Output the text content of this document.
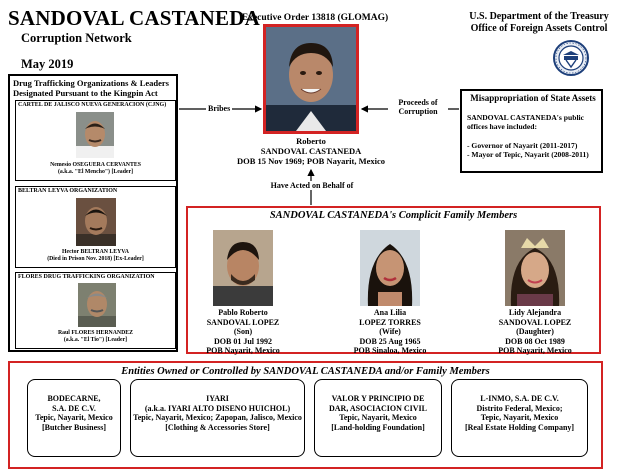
SANDOVAL CASTANEDA
Corruption Network
May 2019
Executive Order 13818 (GLOMAG)	U.S. Department of the Treasury
Office of Foreign Assets Control
Bribes
Proceeds of
Corruption
Have Acted on Behalf of
Roberto
SANDOVAL CASTANEDA
DOB 15 Nov 1969; POB Nayarit, Mexico
Drug Trafficking Organizations & Leaders
Designated Pursuant to the Kingpin Act
CARTEL DE JALISCO NUEVA GENERACION (CJNG)
Nemesio OSEGUERA CERVANTES
(a.k.a. "El Mencho") [Leader]
BELTRAN LEYVA ORGANIZATION
Hector BELTRAN LEYVA
(Died in Prison Nov. 2018) [Ex-Leader]
FLORES DRUG TRAFFICKING ORGANIZATION
Raul FLORES HERNANDEZ
(a.k.a. "El Tio") [Leader]
Misappropriation of State Assets
SANDOVAL CASTANEDA's public
offices have included:
- Governor of Nayarit (2011-2017)
- Mayor of Tepic, Nayarit (2008-2011)
SANDOVAL CASTANEDA's Complicit Family Members
Pablo Roberto
SANDOVAL LOPEZ
(Son)
DOB 01 Jul 1992
POB Nayarit, Mexico
Ana Lilia
LOPEZ TORRES
(Wife)
DOB 25 Aug 1965
POB Sinaloa, Mexico
Lidy Alejandra
SANDOVAL LOPEZ
(Daughter)
DOB 08 Oct 1989
POB Nayarit, Mexico
Entities Owned or Controlled by SANDOVAL CASTANEDA and/or Family Members
BODECARNE,
S.A. DE C.V.
Tepic, Nayarit, Mexico
[Butcher Business]
IYARI
(a.k.a. IYARI ALTO DISENO HUICHOL)
Tepic, Nayarit, Mexico; Zapopan, Jalisco, Mexico
[Clothing & Accessories Store]
VALOR Y PRINCIPIO DE
DAR, ASOCIACION CIVIL
Tepic, Nayarit, Mexico
[Land-holding Foundation]
L-INMO, S.A. DE C.V.
Distrito Federal, Mexico;
Tepic, Nayarit, Mexico
[Real Estate Holding Company]
